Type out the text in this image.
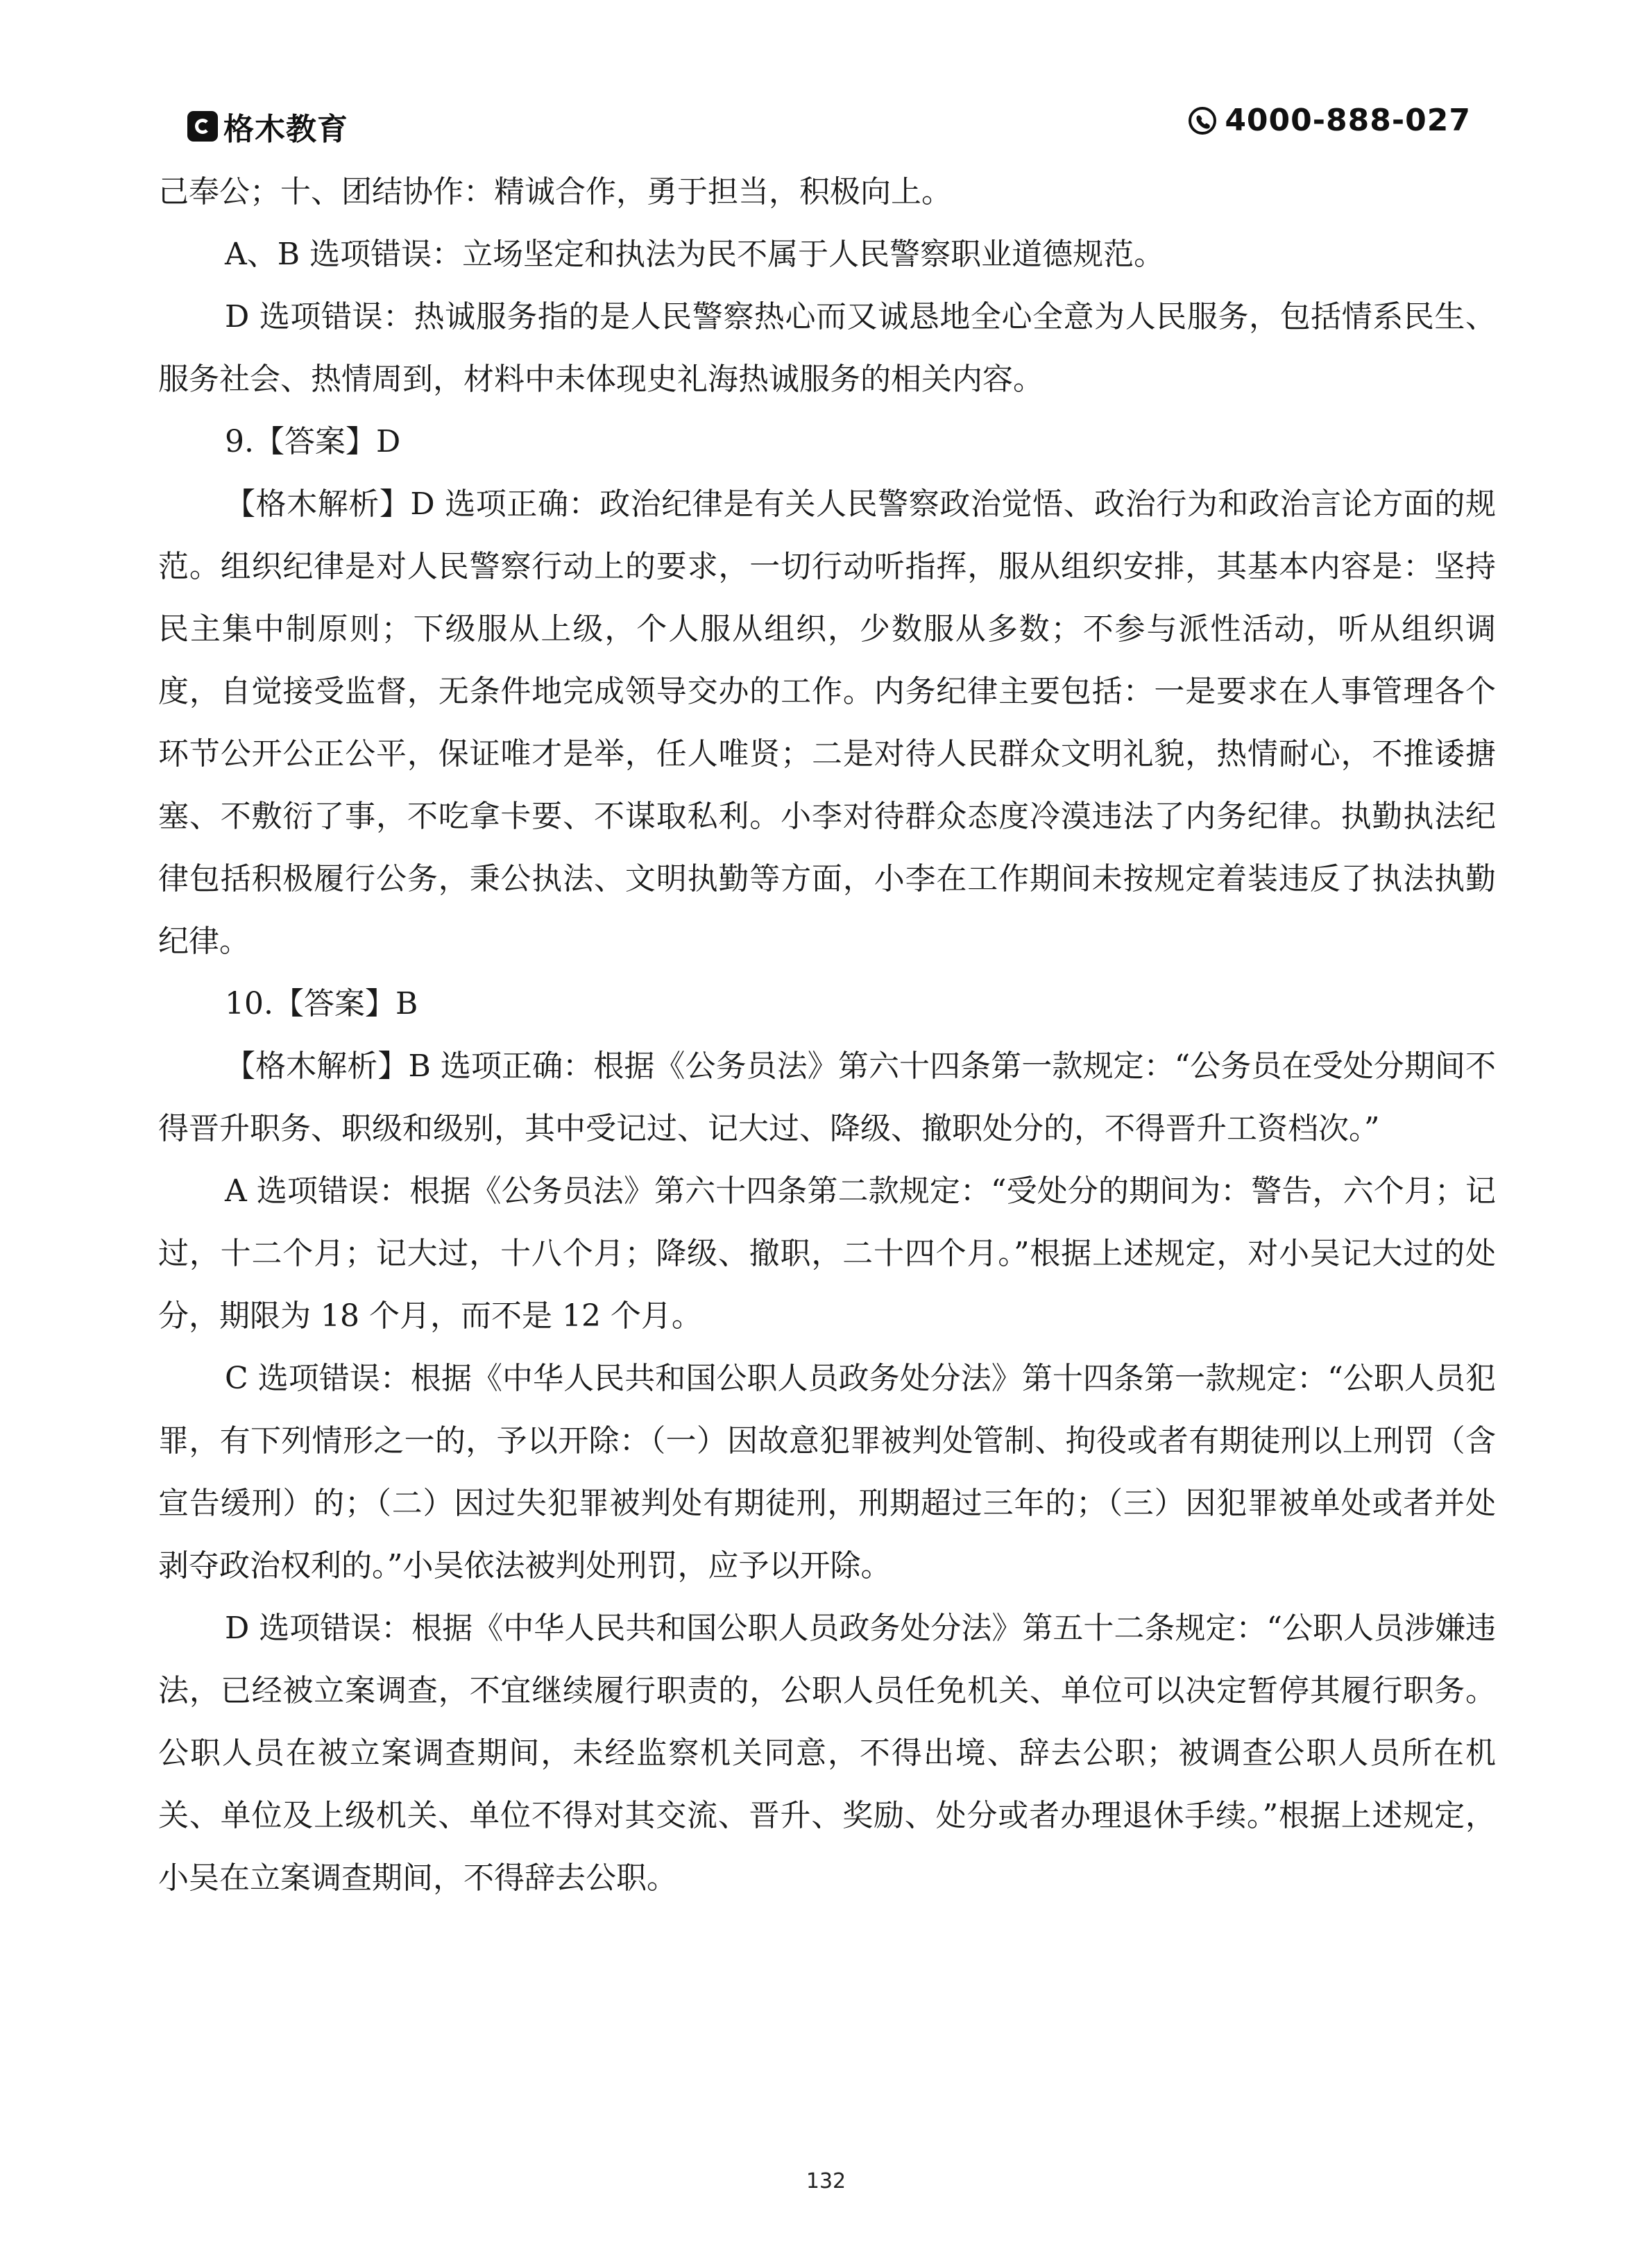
格木教育	4000-888-027

己奉公；十、团结协作：精诚合作，勇于担当，积极向上。

A、B 选项错误：立场坚定和执法为民不属于人民警察职业道德规范。

D 选项错误：热诚服务指的是人民警察热心而又诚恳地全心全意为人民服务，包括情系民生、服务社会、热情周到，材料中未体现史礼海热诚服务的相关内容。

9.【答案】D

【格木解析】D 选项正确：政治纪律是有关人民警察政治觉悟、政治行为和政治言论方面的规范。组织纪律是对人民警察行动上的要求，一切行动听指挥，服从组织安排，其基本内容是：坚持民主集中制原则；下级服从上级，个人服从组织，少数服从多数；不参与派性活动，听从组织调度，自觉接受监督，无条件地完成领导交办的工作。内务纪律主要包括：一是要求在人事管理各个环节公开公正公平，保证唯才是举，任人唯贤；二是对待人民群众文明礼貌，热情耐心，不推诿搪塞、不敷衍了事，不吃拿卡要、不谋取私利。小李对待群众态度冷漠违法了内务纪律。执勤执法纪律包括积极履行公务，秉公执法、文明执勤等方面，小李在工作期间未按规定着装违反了执法执勤纪律。

10.【答案】B

【格木解析】B 选项正确：根据《公务员法》第六十四条第一款规定：“公务员在受处分期间不得晋升职务、职级和级别，其中受记过、记大过、降级、撤职处分的，不得晋升工资档次。”

A 选项错误：根据《公务员法》第六十四条第二款规定：“受处分的期间为：警告，六个月；记过，十二个月；记大过，十八个月；降级、撤职，二十四个月。”根据上述规定，对小吴记大过的处分，期限为 18 个月，而不是 12 个月。

C 选项错误：根据《中华人民共和国公职人员政务处分法》第十四条第一款规定：“公职人员犯罪，有下列情形之一的，予以开除：（一）因故意犯罪被判处管制、拘役或者有期徒刑以上刑罚（含宣告缓刑）的；（二）因过失犯罪被判处有期徒刑，刑期超过三年的；（三）因犯罪被单处或者并处剥夺政治权利的。”小吴依法被判处刑罚，应予以开除。

D 选项错误：根据《中华人民共和国公职人员政务处分法》第五十二条规定：“公职人员涉嫌违法，已经被立案调查，不宜继续履行职责的，公职人员任免机关、单位可以决定暂停其履行职务。公职人员在被立案调查期间，未经监察机关同意，不得出境、辞去公职；被调查公职人员所在机关、单位及上级机关、单位不得对其交流、晋升、奖励、处分或者办理退休手续。”根据上述规定，小吴在立案调查期间，不得辞去公职。

132
